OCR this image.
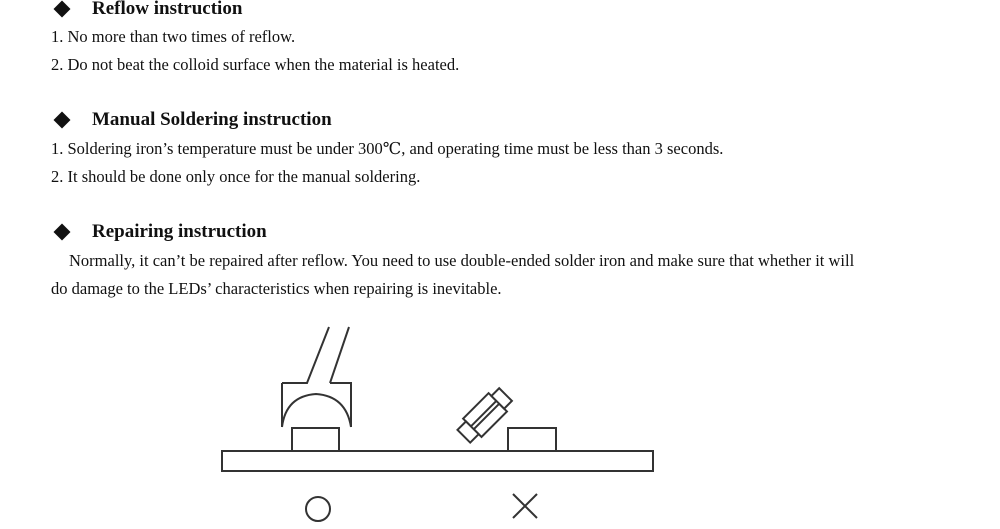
Reflow instruction
1. No more than two times of reflow.
2. Do not beat the colloid surface when the material is heated.
Manual Soldering instruction
1. Soldering iron’s temperature must be under 300℃, and operating time must be less than 3 seconds.
2. It should be done only once for the manual soldering.
Repairing instruction
Normally, it can’t be repaired after reflow. You need to use double-ended solder iron and make sure that whether it will
do damage to the LEDs’ characteristics when repairing is inevitable.
